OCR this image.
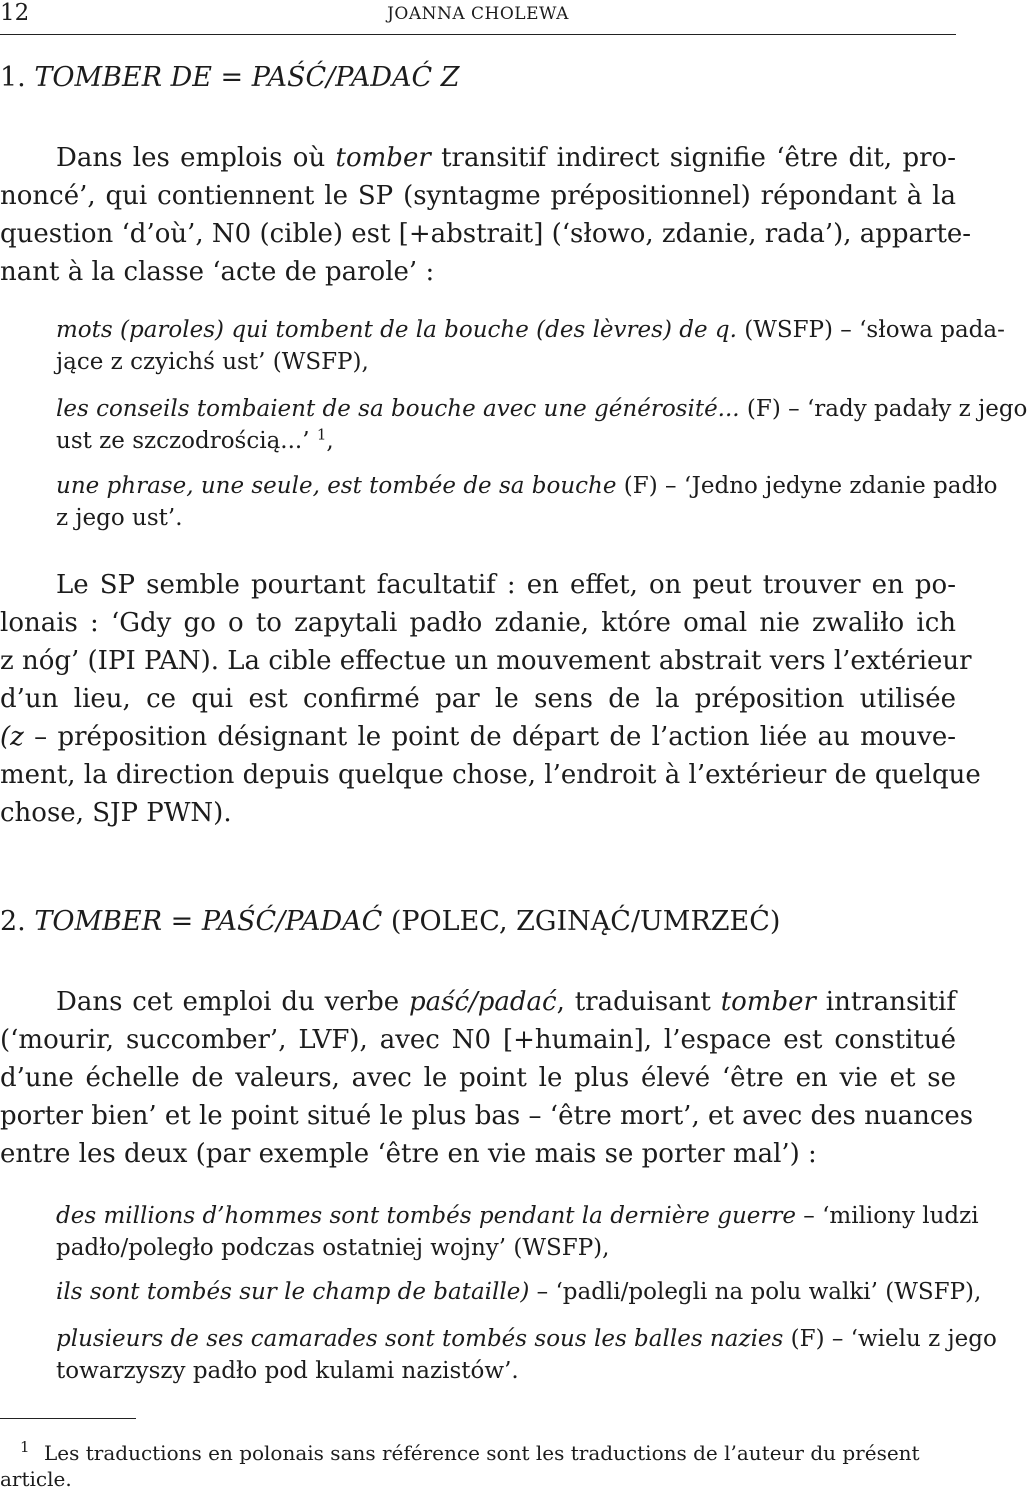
12	JOANNA CHOLEWA
1. TOMBER DE = PAŚĆ/PADAĆ Z
Dans les emplois où tomber transitif indirect signifie ‘être dit, pro-
noncé’, qui contiennent le SP (syntagme prépositionnel) répondant à la
question ‘d’où’, N0 (cible) est [+abstrait] (‘słowo, zdanie, rada’), apparte-
nant à la classe ‘acte de parole’ :
mots (paroles) qui tombent de la bouche (des lèvres) de q. (WSFP) – ‘słowa pada-
jące z czyichś ust’ (WSFP),
les conseils tombaient de sa bouche avec une générosité... (F) – ‘rady padały z jego
ust ze szczodrością...’ $^1$,
une phrase, une seule, est tombée de sa bouche (F) – ‘Jedno jedyne zdanie padło
z jego ust’.
Le SP semble pourtant facultatif : en effet, on peut trouver en po-
lonais : ‘Gdy go o to zapytali padło zdanie, które omal nie zwaliło ich
z nóg’ (IPI PAN). La cible effectue un mouvement abstrait vers l’extérieur
d’un lieu, ce qui est confirmé par le sens de la préposition utilisée
(z – préposition désignant le point de départ de l’action liée au mouve-
ment, la direction depuis quelque chose, l’endroit à l’extérieur de quelque
chose, SJP PWN).
2. TOMBER = PAŚĆ/PADAĆ (POLEC, ZGINĄĆ/UMRZEĆ)
Dans cet emploi du verbe paść/padać, traduisant tomber intransitif
(‘mourir, succomber’, LVF), avec N0 [+humain], l’espace est constitué
d’une échelle de valeurs, avec le point le plus élevé ‘être en vie et se
porter bien’ et le point situé le plus bas – ‘être mort’, et avec des nuances
entre les deux (par exemple ‘être en vie mais se porter mal’) :
des millions d’hommes sont tombés pendant la dernière guerre – ‘miliony ludzi
padło/poległo podczas ostatniej wojny’ (WSFP),
ils sont tombés sur le champ de bataille) – ‘padli/polegli na polu walki’ (WSFP),
plusieurs de ses camarades sont tombés sous les balles nazies (F) – ‘wielu z jego
towarzyszy padło pod kulami nazistów’.
1 Les traductions en polonais sans référence sont les traductions de l’auteur du présent
article.
